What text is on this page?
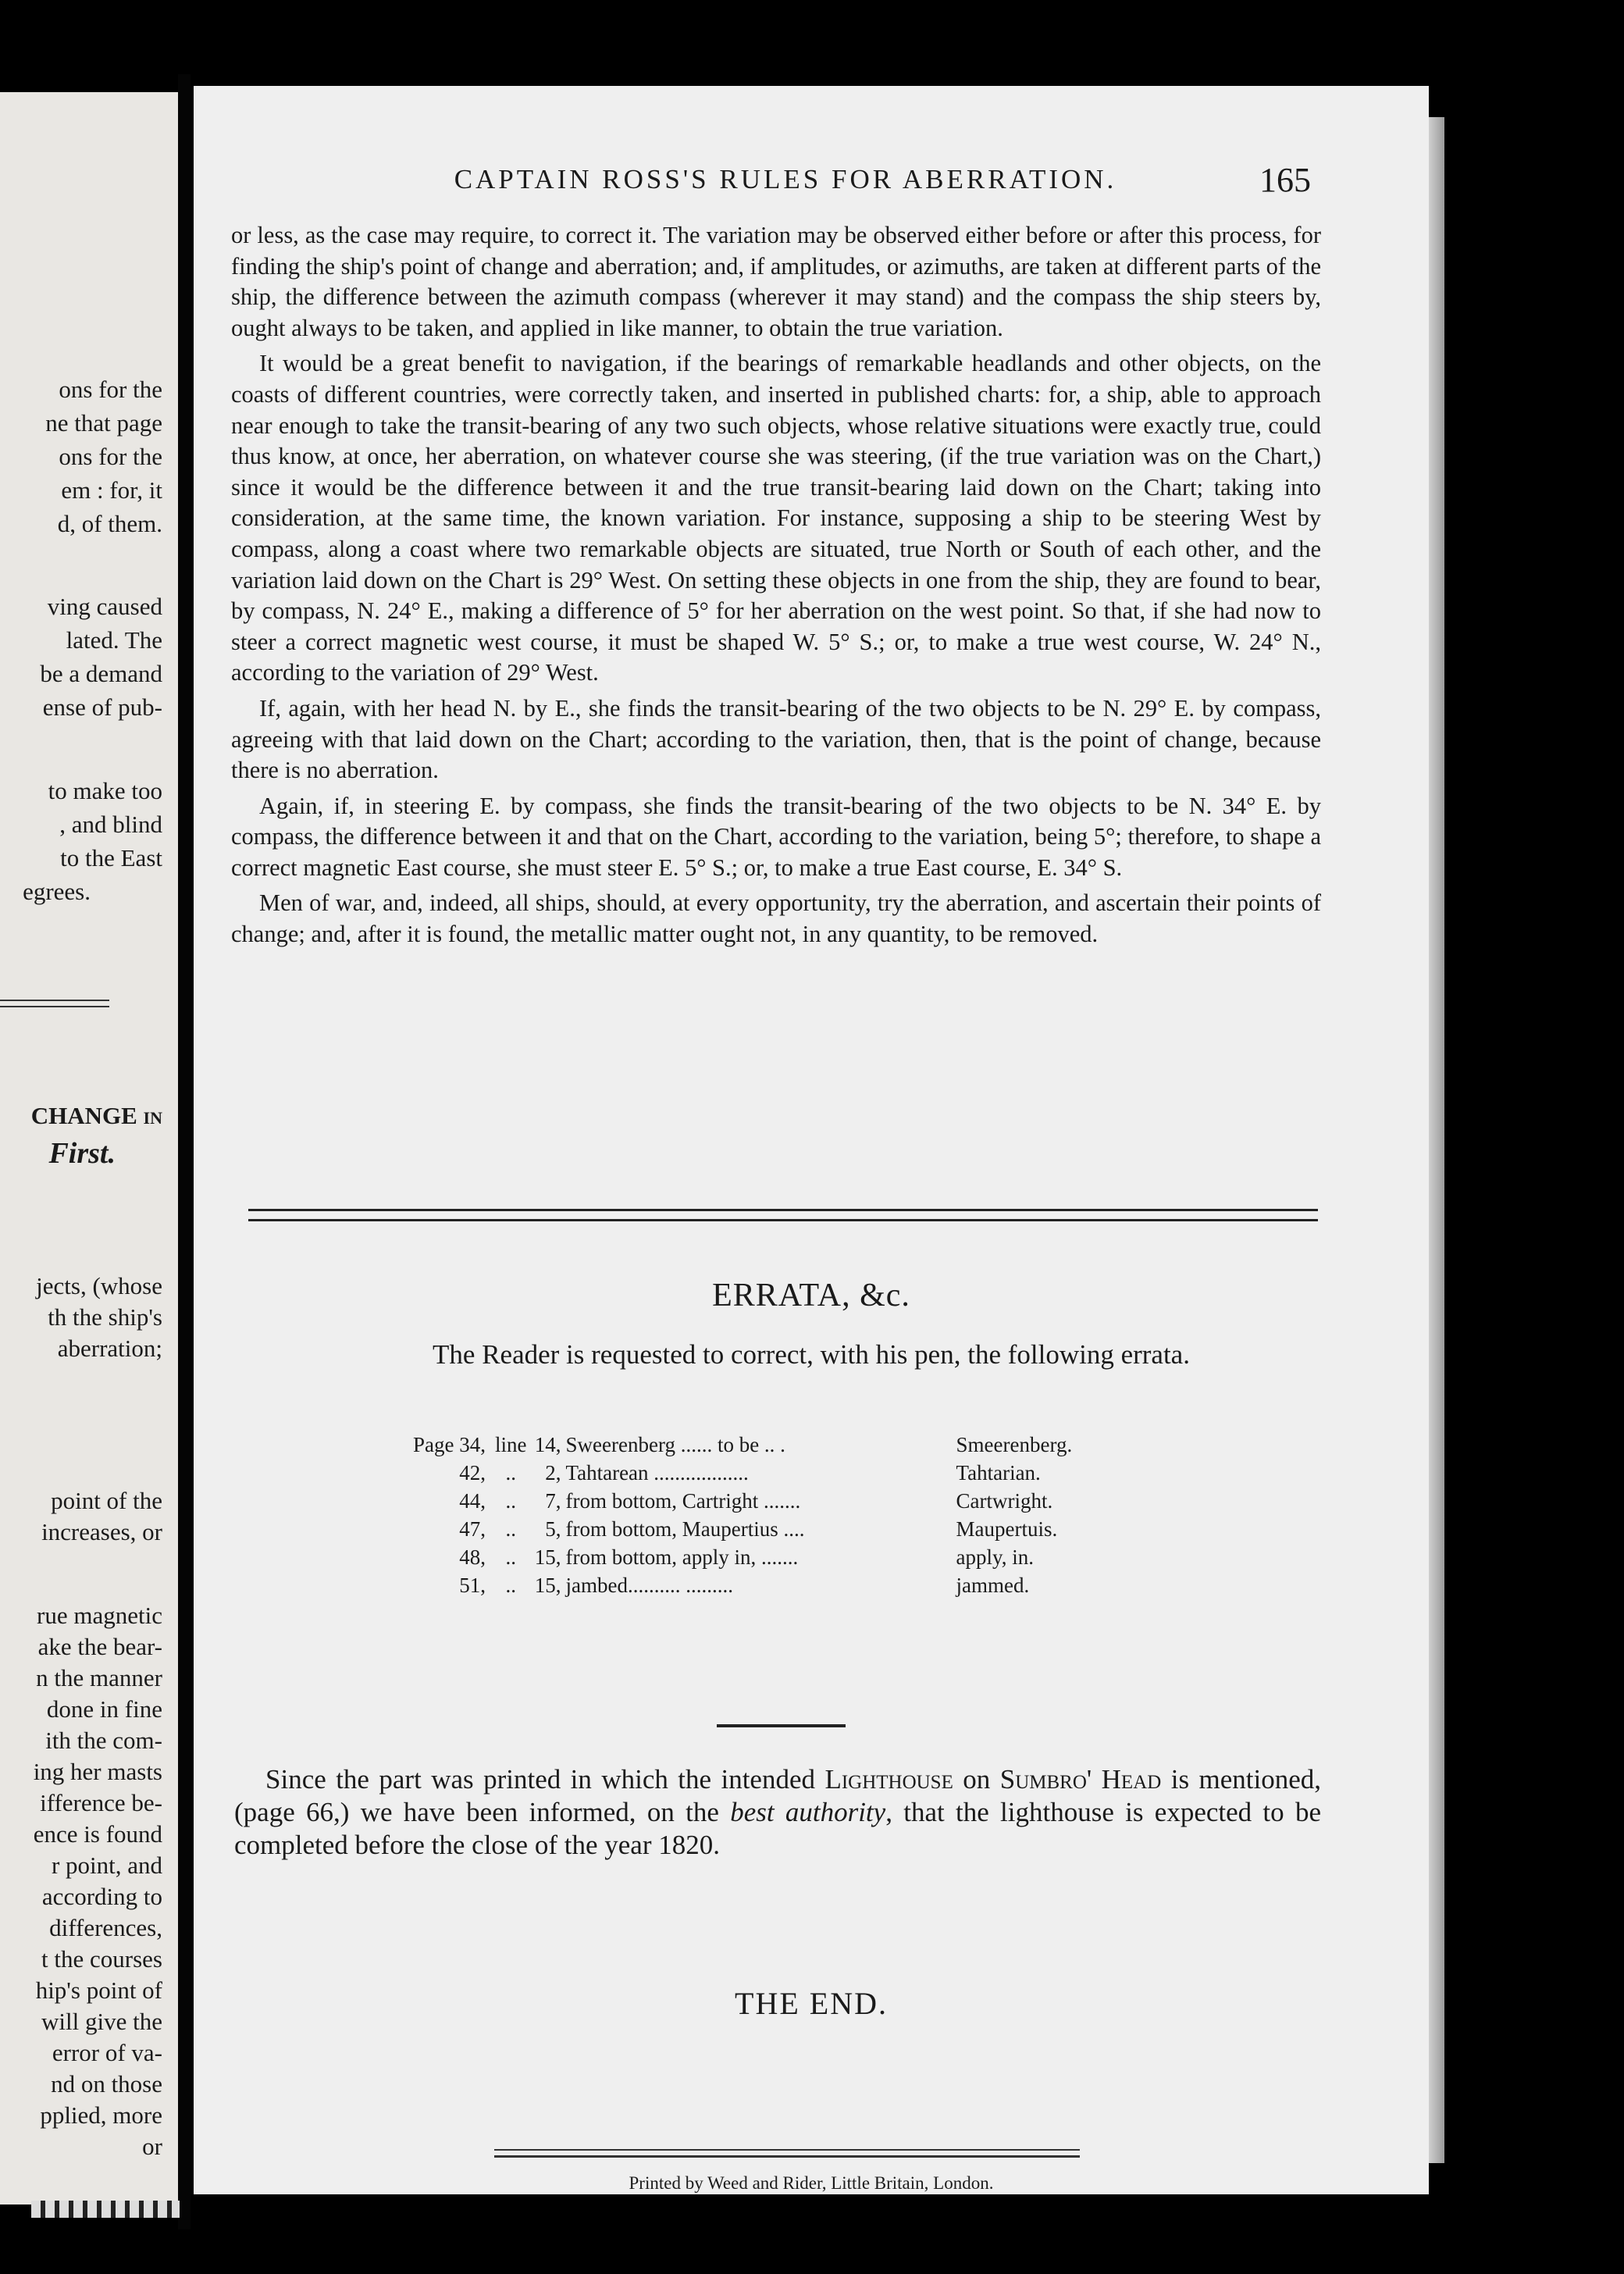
ons for the
ne that page
ons for the
em : for, it
d, of them.
ving caused
lated. The
be a demand
ense of pub-
to make too
, and blind
to the East
egrees.
CHANGE in
First.
jects, (whose
th the ship's
aberration;
point of the
increases, or
rue magnetic
ake the bear-
n the manner
done in fine
ith the com-
ing her masts
ifference be-
ence is found
r point, and
according to
differences,
t the courses
hip's point of
will give the
error of va-
nd on those
pplied, more
or
CAPTAIN ROSS'S RULES FOR ABERRATION.	165

or less, as the case may require, to correct it. The variation may be observed either before or after this process, for finding the ship's point of change and aberration; and, if amplitudes, or azimuths, are taken at different parts of the ship, the difference between the azimuth compass (wherever it may stand) and the compass the ship steers by, ought always to be taken, and applied in like manner, to obtain the true variation.

It would be a great benefit to navigation, if the bearings of remarkable headlands and other objects, on the coasts of different countries, were correctly taken, and inserted in published charts: for, a ship, able to approach near enough to take the transit-bearing of any two such objects, whose relative situations were exactly true, could thus know, at once, her aberration, on whatever course she was steering, (if the true variation was on the Chart,) since it would be the difference between it and the true transit-bearing laid down on the Chart; taking into consideration, at the same time, the known variation. For instance, supposing a ship to be steering West by compass, along a coast where two remarkable objects are situated, true North or South of each other, and the variation laid down on the Chart is 29° West. On setting these objects in one from the ship, they are found to bear, by compass, N. 24° E., making a difference of 5° for her aberration on the west point. So that, if she had now to steer a correct magnetic west course, it must be shaped W. 5° S.; or, to make a true west course, W. 24° N., according to the variation of 29° West.

If, again, with her head N. by E., she finds the transit-bearing of the two objects to be N. 29° E. by compass, agreeing with that laid down on the Chart; according to the variation, then, that is the point of change, because there is no aberration.

Again, if, in steering E. by compass, she finds the transit-bearing of the two objects to be N. 34° E. by compass, the difference between it and that on the Chart, according to the variation, being 5°; therefore, to shape a correct magnetic East course, she must steer E. 5° S.; or, to make a true East course, E. 34° S.

Men of war, and, indeed, all ships, should, at every opportunity, try the aberration, and ascertain their points of change; and, after it is found, the metallic matter ought not, in any quantity, to be removed.

ERRATA, &c.
The Reader is requested to correct, with his pen, the following errata.
Page 34,	line	14,	Sweerenberg ...... to be .. .	Smeerenberg.
42,	..	2,	Tahtarean ..................	Tahtarian.
44,	..	7,	from bottom, Cartright .......	Cartwright.
47,	..	5,	from bottom, Maupertius ....	Maupertuis.
48,	..	15,	from bottom, apply in, .......	apply, in.
51,	..	15,	jambed.......... .........	jammed.
Since the part was printed in which the intended Lighthouse on Sumbro' Head is mentioned, (page 66,) we have been informed, on the best authority, that the lighthouse is expected to be completed before the close of the year 1820.
THE END.
Printed by Weed and Rider, Little Britain, London.
